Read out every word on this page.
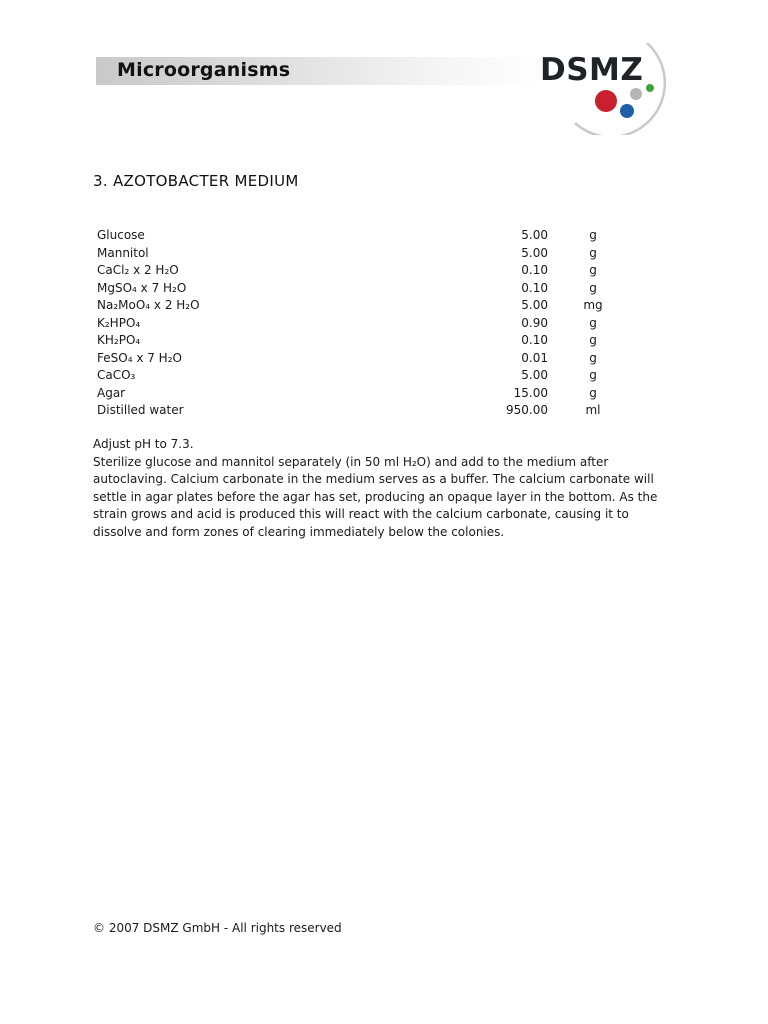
Microorganisms	DSMZ
3. AZOTOBACTER MEDIUM
Glucose	5.00	g
Mannitol	5.00	g
CaCl₂ x 2 H₂O	0.10	g
MgSO₄ x 7 H₂O	0.10	g
Na₂MoO₄ x 2 H₂O	5.00	mg
K₂HPO₄	0.90	g
KH₂PO₄	0.10	g
FeSO₄ x 7 H₂O	0.01	g
CaCO₃	5.00	g
Agar	15.00	g
Distilled water	950.00	ml

Adjust pH to 7.3.

Sterilize glucose and mannitol separately (in 50 ml H₂O) and add to the medium after autoclaving. Calcium carbonate in the medium serves as a buffer. The calcium carbonate will settle in agar plates before the agar has set, producing an opaque layer in the bottom. As the strain grows and acid is produced this will react with the calcium carbonate, causing it to dissolve and form zones of clearing immediately below the colonies.

© 2007 DSMZ GmbH - All rights reserved
